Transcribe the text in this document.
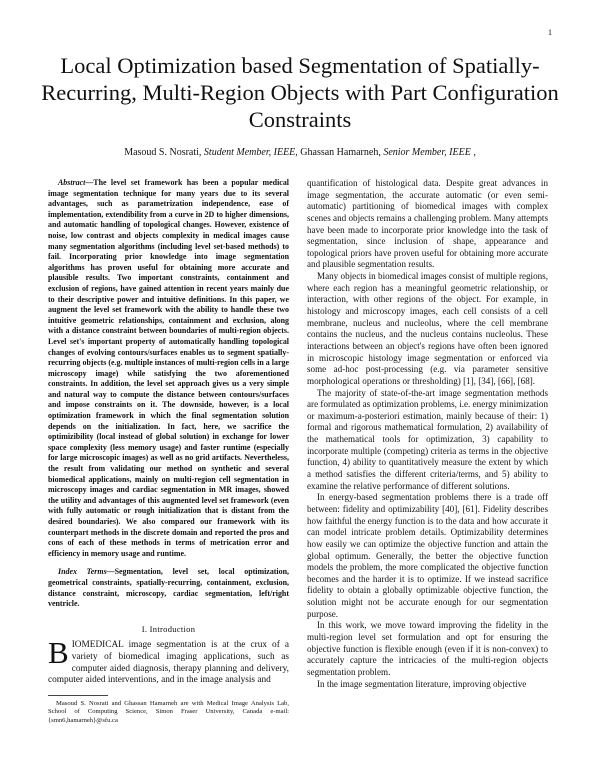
1
Local Optimization based Segmentation of Spatially-Recurring, Multi-Region Objects with Part Configuration Constraints
Masoud S. Nosrati, Student Member, IEEE, Ghassan Hamarneh, Senior Member, IEEE ,

Abstract—The level set framework has been a popular medical image segmentation technique for many years due to its several advantages, such as parametrization independence, ease of implementation, extendibility from a curve in 2D to higher dimensions, and automatic handling of topological changes. However, existence of noise, low contrast and objects complexity in medical images cause many segmentation algorithms (including level set-based methods) to fail. Incorporating prior knowledge into image segmentation algorithms has proven useful for obtaining more accurate and plausible results. Two important constraints, containment and exclusion of regions, have gained attention in recent years mainly due to their descriptive power and intuitive definitions. In this paper, we augment the level set framework with the ability to handle these two intuitive geometric relationships, containment and exclusion, along with a distance constraint between boundaries of multi-region objects. Level set's important property of automatically handling topological changes of evolving contours/surfaces enables us to segment spatially-recurring objects (e.g. multiple instances of multi-region cells in a large microscopy image) while satisfying the two aforementioned constraints. In addition, the level set approach gives us a very simple and natural way to compute the distance between contours/surfaces and impose constraints on it. The downside, however, is a local optimization framework in which the final segmentation solution depends on the initialization. In fact, here, we sacrifice the optimizibility (local instead of global solution) in exchange for lower space complexity (less memory usage) and faster runtime (especially for large microscopic images) as well as no grid artifacts. Nevertheless, the result from validating our method on synthetic and several biomedical applications, mainly on multi-region cell segmentation in microscopy images and cardiac segmentation in MR images, showed the utility and advantages of this augmented level set framework (even with fully automatic or rough initialization that is distant from the desired boundaries). We also compared our framework with its counterpart methods in the discrete domain and reported the pros and cons of each of these methods in terms of metrication error and efficiency in memory usage and runtime.

Index Terms—Segmentation, level set, local optimization, geometrical constraints, spatially-recurring, containment, exclusion, distance constraint, microscopy, cardiac segmentation, left/right ventricle.

I. Introduction

BIOMEDICAL image segmentation is at the crux of a variety of biomedical imaging applications, such as computer aided diagnosis, therapy planning and delivery, computer aided interventions, and in the image analysis and

Masoud S. Nosrati and Ghassan Hamarneh are with Medical Image Analysis Lab, School of Computing Science, Simon Fraser University, Canada e-mail: {smn6,hamarneh}@sfu.ca

quantification of histological data. Despite great advances in image segmentation, the accurate automatic (or even semi-automatic) partitioning of biomedical images with complex scenes and objects remains a challenging problem. Many attempts have been made to incorporate prior knowledge into the task of segmentation, since inclusion of shape, appearance and topological priors have proven useful for obtaining more accurate and plausible segmentation results.

Many objects in biomedical images consist of multiple regions, where each region has a meaningful geometric relationship, or interaction, with other regions of the object. For example, in histology and microscopy images, each cell consists of a cell membrane, nucleus and nucleolus, where the cell membrane contains the nucleus, and the nucleus contains nucleolus. These interactions between an object's regions have often been ignored in microscopic histology image segmentation or enforced via some ad-hoc post-processing (e.g. via parameter sensitive morphological operations or thresholding) [1], [34], [66], [68].

The majority of state-of-the-art image segmentation methods are formulated as optimization problems, i.e. energy minimization or maximum-a-posteriori estimation, mainly because of their: 1) formal and rigorous mathematical formulation, 2) availability of the mathematical tools for optimization, 3) capability to incorporate multiple (competing) criteria as terms in the objective function, 4) ability to quantitatively measure the extent by which a method satisfies the different criteria/terms, and 5) ability to examine the relative performance of different solutions.

In energy-based segmentation problems there is a trade off between: fidelity and optimizability [40], [61]. Fidelity describes how faithful the energy function is to the data and how accurate it can model intricate problem details. Optimizability determines how easily we can optimize the objective function and attain the global optimum. Generally, the better the objective function models the problem, the more complicated the objective function becomes and the harder it is to optimize. If we instead sacrifice fidelity to obtain a globally optimizable objective function, the solution might not be accurate enough for our segmentation purpose.

In this work, we move toward improving the fidelity in the multi-region level set formulation and opt for ensuring the objective function is flexible enough (even if it is non-convex) to accurately capture the intricacies of the multi-region objects segmentation problem.

In the image segmentation literature, improving objective
